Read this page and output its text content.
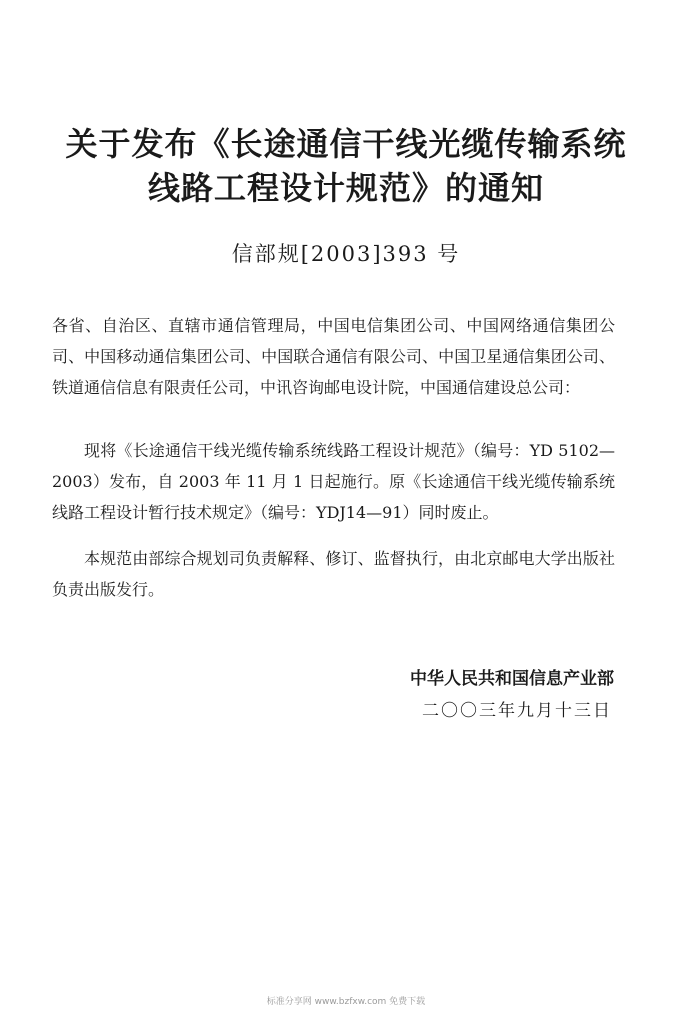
关于发布《长途通信干线光缆传输系统
线路工程设计规范》的通知
信部规[2003]393 号

各省、自治区、直辖市通信管理局，中国电信集团公司、中国网络通信集团公司、中国移动通信集团公司、中国联合通信有限公司、中国卫星通信集团公司、铁道通信信息有限责任公司，中讯咨询邮电设计院，中国通信建设总公司：

现将《长途通信干线光缆传输系统线路工程设计规范》（编号：YD 5102—2003）发布，自 2003 年 11 月 1 日起施行。原《长途通信干线光缆传输系统线路工程设计暂行技术规定》（编号：YDJ14—91）同时废止。

本规范由部综合规划司负责解释、修订、监督执行，由北京邮电大学出版社负责出版发行。

中华人民共和国信息产业部
二〇〇三年九月十三日
标准分享网 www.bzfxw.com 免费下载
